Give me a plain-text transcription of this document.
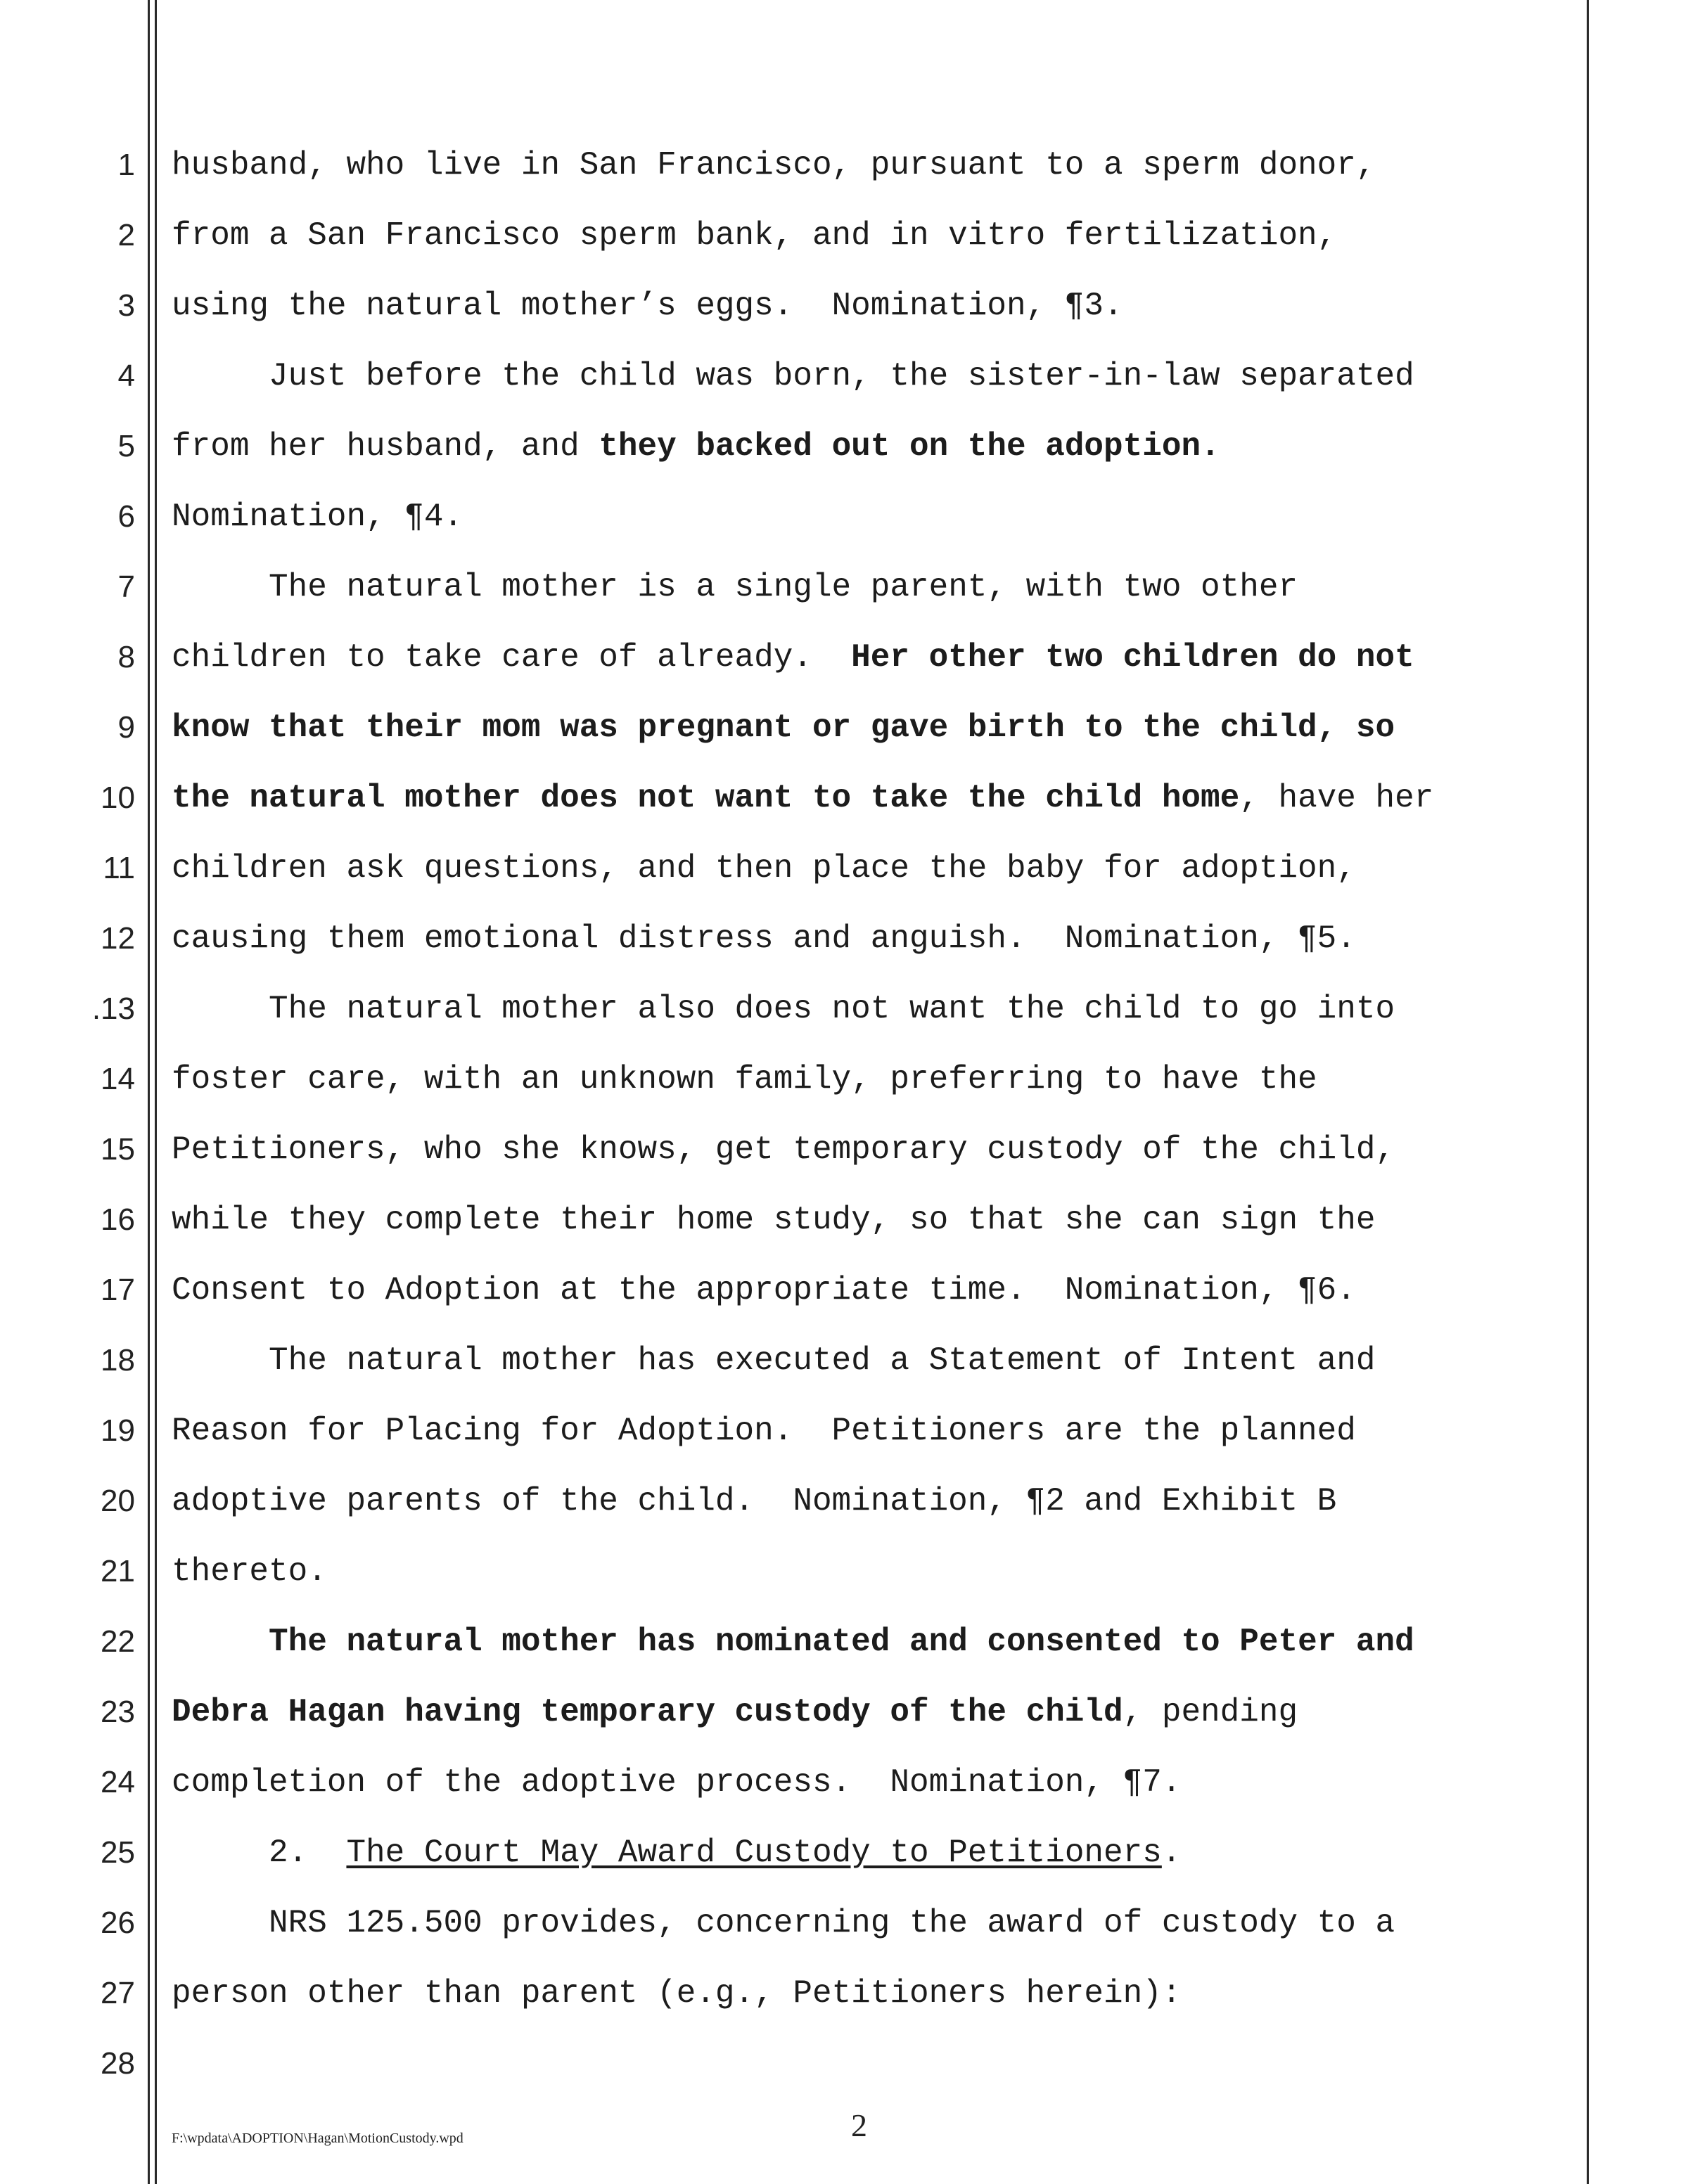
1
2
3
4
5
6
7
8
9
10
11
12
.13
14
15
16
17
18
19
20
21
22
23
24
25
26
27
28
husband, who live in San Francisco, pursuant to a sperm donor,
from a San Francisco sperm bank, and in vitro fertilization,
using the natural mother’s eggs.  Nomination, ¶3.
Just before the child was born, the sister-in-law separated
from her husband, and they backed out on the adoption.
Nomination, ¶4.
The natural mother is a single parent, with two other
children to take care of already.  Her other two children do not
know that their mom was pregnant or gave birth to the child, so
the natural mother does not want to take the child home, have her
children ask questions, and then place the baby for adoption,
causing them emotional distress and anguish.  Nomination, ¶5.
The natural mother also does not want the child to go into
foster care, with an unknown family, preferring to have the
Petitioners, who she knows, get temporary custody of the child,
while they complete their home study, so that she can sign the
Consent to Adoption at the appropriate time.  Nomination, ¶6.
The natural mother has executed a Statement of Intent and
Reason for Placing for Adoption.  Petitioners are the planned
adoptive parents of the child.  Nomination, ¶2 and Exhibit B
thereto.
The natural mother has nominated and consented to Peter and
Debra Hagan having temporary custody of the child, pending
completion of the adoptive process.  Nomination, ¶7.
2.  The Court May Award Custody to Petitioners.
NRS 125.500 provides, concerning the award of custody to a
person other than parent (e.g., Petitioners herein):
F:\wpdata\ADOPTION\Hagan\MotionCustody.wpd	2
